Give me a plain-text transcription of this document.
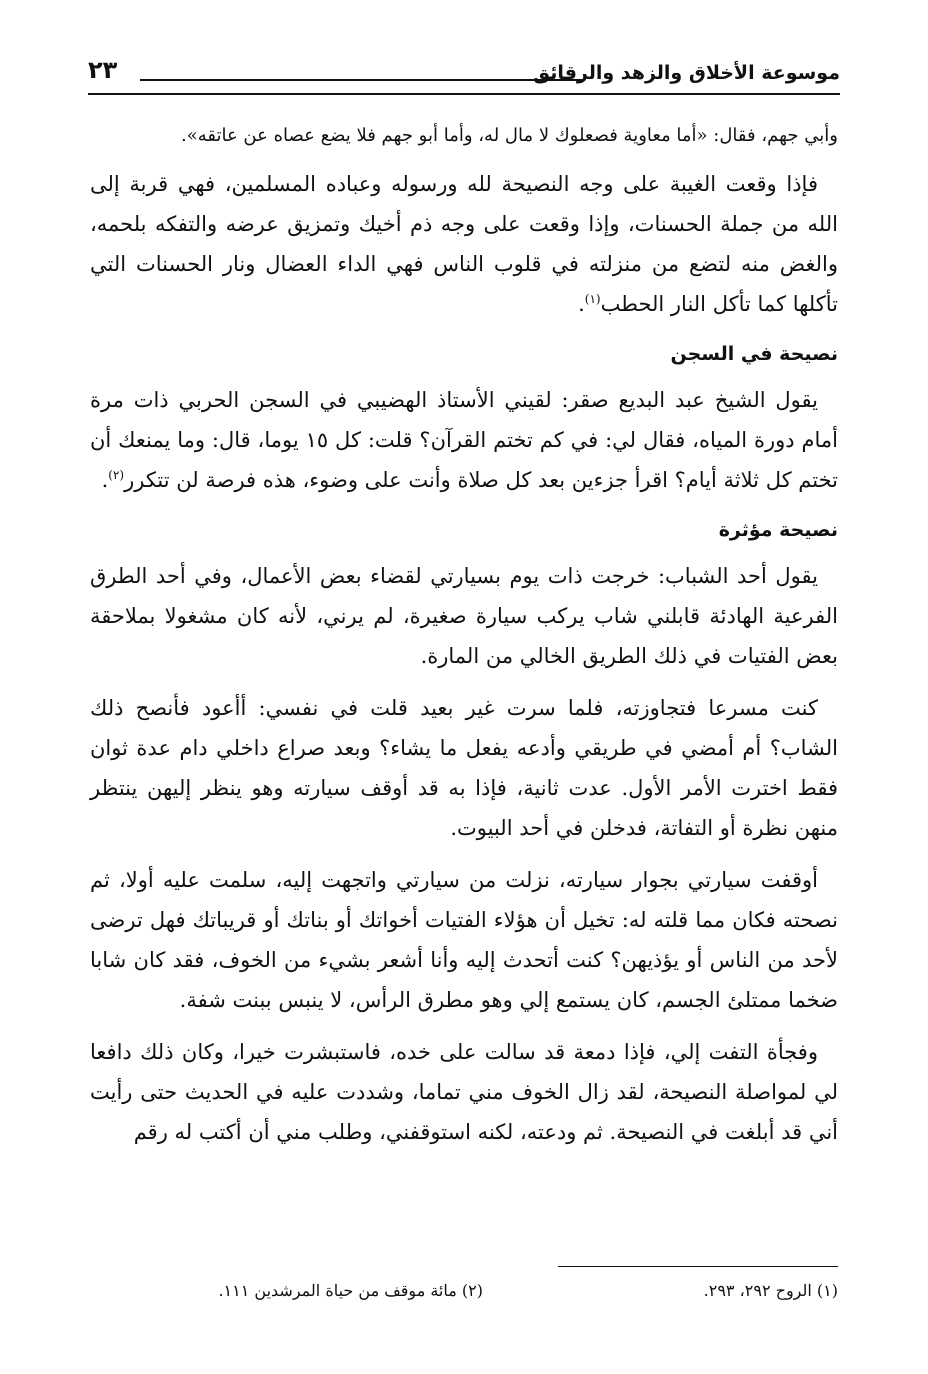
موسوعة الأخلاق والزهد والرقائق
٢٣

وأبي جهم، فقال: «أما معاوية فصعلوك لا مال له، وأما أبو جهم فلا يضع عصاه عن عاتقه».

فإذا وقعت الغيبة على وجه النصيحة لله ورسوله وعباده المسلمين، فهي قربة إلى الله من جملة الحسنات، وإذا وقعت على وجه ذم أخيك وتمزيق عرضه والتفكه بلحمه، والغض منه لتضع من منزلته في قلوب الناس فهي الداء العضال ونار الحسنات التي تأكلها كما تأكل النار الحطب$^{(١)}$.

نصيحة في السجن

يقول الشيخ عبد البديع صقر: لقيني الأستاذ الهضيبي في السجن الحربي ذات مرة أمام دورة المياه، فقال لي: في كم تختم القرآن؟ قلت: كل ١٥ يوما، قال: وما يمنعك أن تختم كل ثلاثة أيام؟ اقرأ جزءين بعد كل صلاة وأنت على وضوء، هذه فرصة لن تتكرر$^{(٢)}$.

نصيحة مؤثرة

يقول أحد الشباب: خرجت ذات يوم بسيارتي لقضاء بعض الأعمال، وفي أحد الطرق الفرعية الهادئة قابلني شاب يركب سيارة صغيرة، لم يرني، لأنه كان مشغولا بملاحقة بعض الفتيات في ذلك الطريق الخالي من المارة.

كنت مسرعا فتجاوزته، فلما سرت غير بعيد قلت في نفسي: أأعود فأنصح ذلك الشاب؟ أم أمضي في طريقي وأدعه يفعل ما يشاء؟ وبعد صراع داخلي دام عدة ثوان فقط اخترت الأمر الأول. عدت ثانية، فإذا به قد أوقف سيارته وهو ينظر إليهن ينتظر منهن نظرة أو التفاتة، فدخلن في أحد البيوت.

أوقفت سيارتي بجوار سيارته، نزلت من سيارتي واتجهت إليه، سلمت عليه أولا، ثم نصحته فكان مما قلته له: تخيل أن هؤلاء الفتيات أخواتك أو بناتك أو قريباتك فهل ترضى لأحد من الناس أو يؤذيهن؟ كنت أتحدث إليه وأنا أشعر بشيء من الخوف، فقد كان شابا ضخما ممتلئ الجسم، كان يستمع إلي وهو مطرق الرأس، لا ينبس ببنت شفة.

وفجأة التفت إلي، فإذا دمعة قد سالت على خده، فاستبشرت خيرا، وكان ذلك دافعا لي لمواصلة النصيحة، لقد زال الخوف مني تماما، وشددت عليه في الحديث حتى رأيت أني قد أبلغت في النصيحة. ثم ودعته، لكنه استوقفني، وطلب مني أن أكتب له رقم

(١) الروح ٢٩٢، ٢٩٣.
(٢) مائة موقف من حياة المرشدين ١١١.
